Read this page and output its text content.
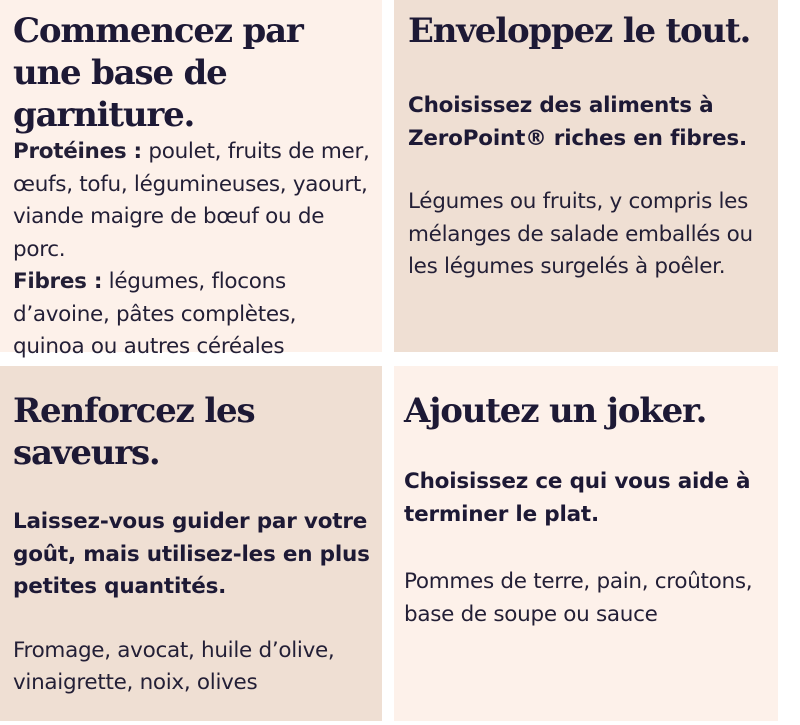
Commencez par une base de garniture.

Protéines : poulet, fruits de mer, œufs, tofu, légumineuses, yaourt, viande maigre de bœuf ou de porc.
Fibres : légumes, flocons d’avoine, pâtes complètes, quinoa ou autres céréales

Enveloppez le tout.

Choisissez des aliments à ZeroPoint® riches en fibres.

Légumes ou fruits, y compris les mélanges de salade emballés ou les légumes surgelés à poêler.

Renforcez les saveurs.

Laissez-vous guider par votre goût, mais utilisez-les en plus petites quantités.

Fromage, avocat, huile d’olive, vinaigrette, noix, olives

Ajoutez un joker.

Choisissez ce qui vous aide à terminer le plat.

Pommes de terre, pain, croûtons, base de soupe ou sauce
